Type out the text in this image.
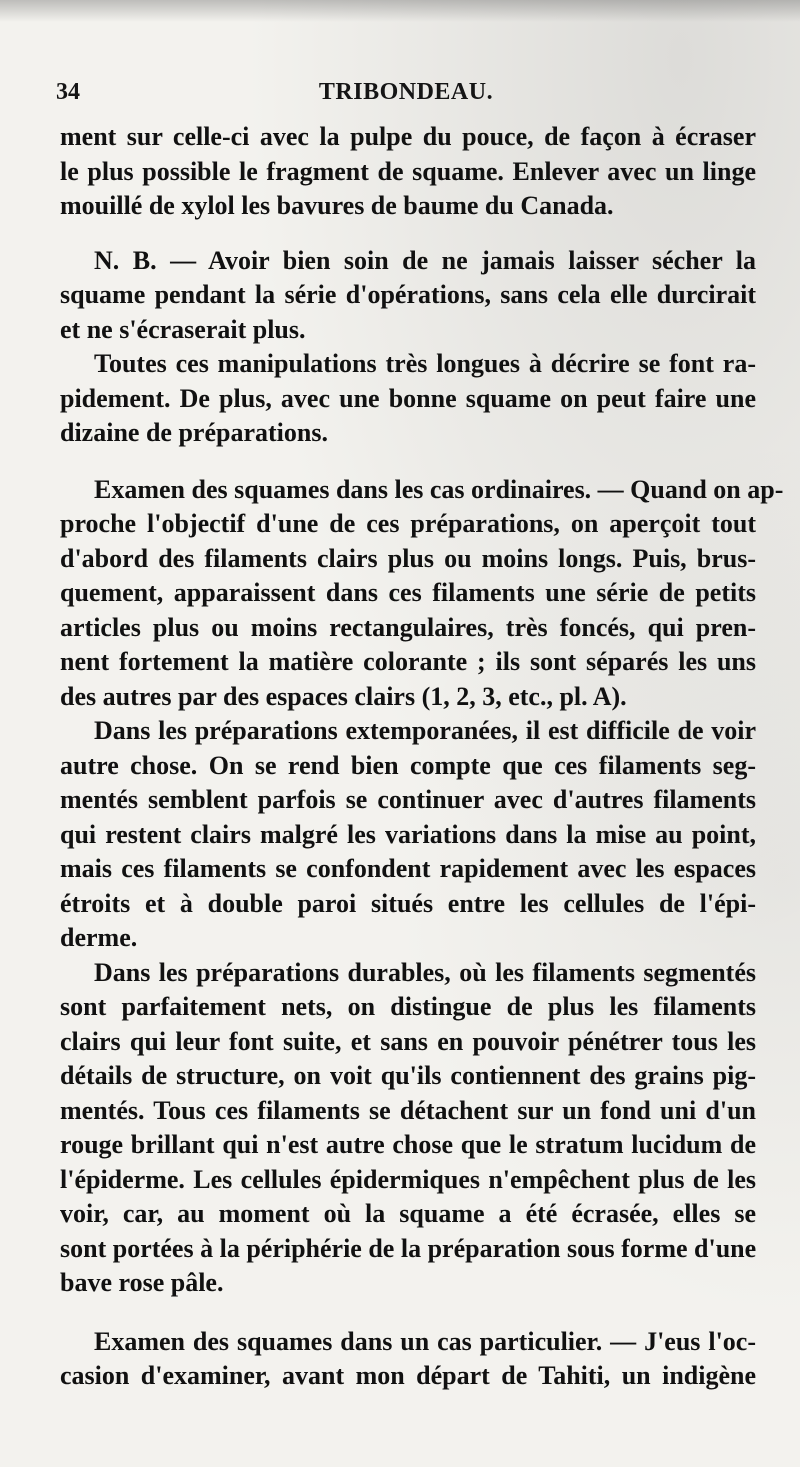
34	TRIBONDEAU.
ment sur celle-ci avec la pulpe du pouce, de façon à écraser
le plus possible le fragment de squame. Enlever avec un linge
mouillé de xylol les bavures de baume du Canada.
N. B. — Avoir bien soin de ne jamais laisser sécher la
squame pendant la série d'opérations, sans cela elle durcirait
et ne s'écraserait plus.
Toutes ces manipulations très longues à décrire se font ra-
pidement. De plus, avec une bonne squame on peut faire une
dizaine de préparations.
Examen des squames dans les cas ordinaires. — Quand on ap-
proche l'objectif d'une de ces préparations, on aperçoit tout
d'abord des filaments clairs plus ou moins longs. Puis, brus-
quement, apparaissent dans ces filaments une série de petits
articles plus ou moins rectangulaires, très foncés, qui pren-
nent fortement la matière colorante ; ils sont séparés les uns
des autres par des espaces clairs (1, 2, 3, etc., pl. A).
Dans les préparations extemporanées, il est difficile de voir
autre chose. On se rend bien compte que ces filaments seg-
mentés semblent parfois se continuer avec d'autres filaments
qui restent clairs malgré les variations dans la mise au point,
mais ces filaments se confondent rapidement avec les espaces
étroits et à double paroi situés entre les cellules de l'épi-
derme.
Dans les préparations durables, où les filaments segmentés
sont parfaitement nets, on distingue de plus les filaments
clairs qui leur font suite, et sans en pouvoir pénétrer tous les
détails de structure, on voit qu'ils contiennent des grains pig-
mentés. Tous ces filaments se détachent sur un fond uni d'un
rouge brillant qui n'est autre chose que le stratum lucidum de
l'épiderme. Les cellules épidermiques n'empêchent plus de les
voir, car, au moment où la squame a été écrasée, elles se
sont portées à la périphérie de la préparation sous forme d'une
bave rose pâle.
Examen des squames dans un cas particulier. — J'eus l'oc-
casion d'examiner, avant mon départ de Tahiti, un indigène
